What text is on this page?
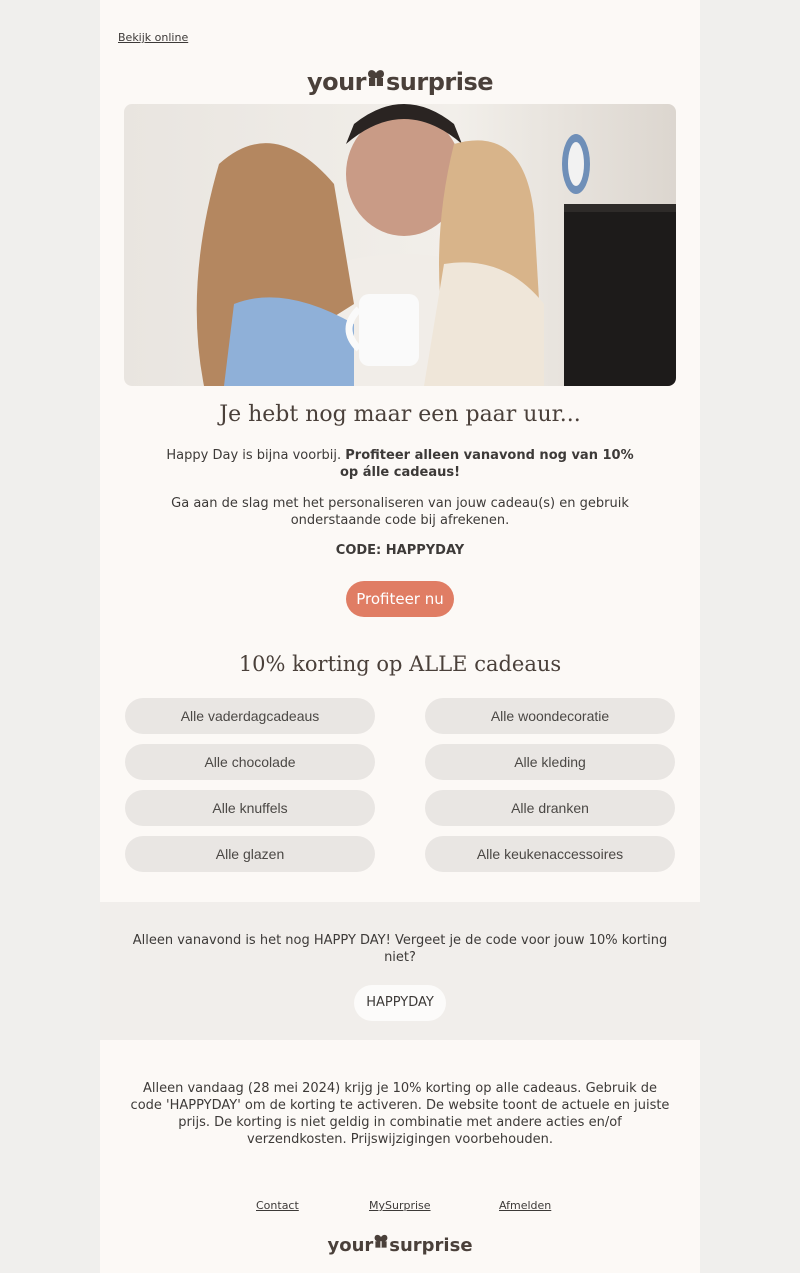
Bekijk online
your surprise
Je hebt nog maar een paar uur...
Happy Day is bijna voorbij. Profiteer alleen vanavond nog van 10% op álle cadeaus!
Ga aan de slag met het personaliseren van jouw cadeau(s) en gebruik onderstaande code bij afrekenen.
CODE: HAPPYDAY
Profiteer nu
10% korting op ALLE cadeaus
Alle vaderdagcadeaus	Alle woondecoratie
Alle chocolade	Alle kleding
Alle knuffels	Alle dranken
Alle glazen	Alle keukenaccessoires
Alleen vanavond is het nog HAPPY DAY! Vergeet je de code voor jouw 10% korting niet?
HAPPYDAY
Alleen vandaag (28 mei 2024) krijg je 10% korting op alle cadeaus. Gebruik de code 'HAPPYDAY' om de korting te activeren. De website toont de actuele en juiste prijs. De korting is niet geldig in combinatie met andere acties en/of verzendkosten. Prijswijzigingen voorbehouden.
Contact	MySurprise	Afmelden
your surprise
